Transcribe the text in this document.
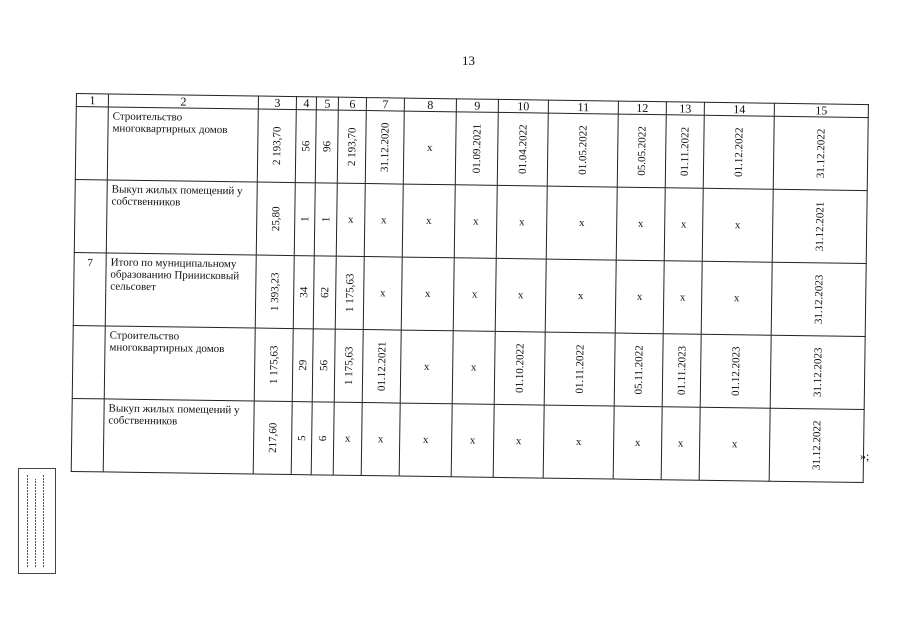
13
1	2	3	4	5	6	7	8	9	10	11	12	13	14	15
	Строительство многоквартирных домов	2 193,70	56	96	2 193,70	31.12.2020	x	01.09.2021	01.04.2022	01.05.2022	05.05.2022	01.11.2022	01.12.2022	31.12.2022

	Выкуп жилых помещений у собственников	25,80	1	1	x	x	x	x	x	x	x	x	x	31.12.2021

7	Итого по муниципальному образованию Прииисковый сельсовет	1 393,23	34	62	1 175,63	x	x	x	x	x	x	x	x	31.12.2023

	Строительство многоквартирных домов	1 175,63	29	56	1 175,63	01.12.2021	x	x	01.10.2022	01.11.2022	05.11.2022	01.11.2023	01.12.2023	31.12.2023

	Выкуп жилых помещений у собственников	217,60	5	6	x	x	x	x	x	x	x	x	x	31.12.2022	»;
